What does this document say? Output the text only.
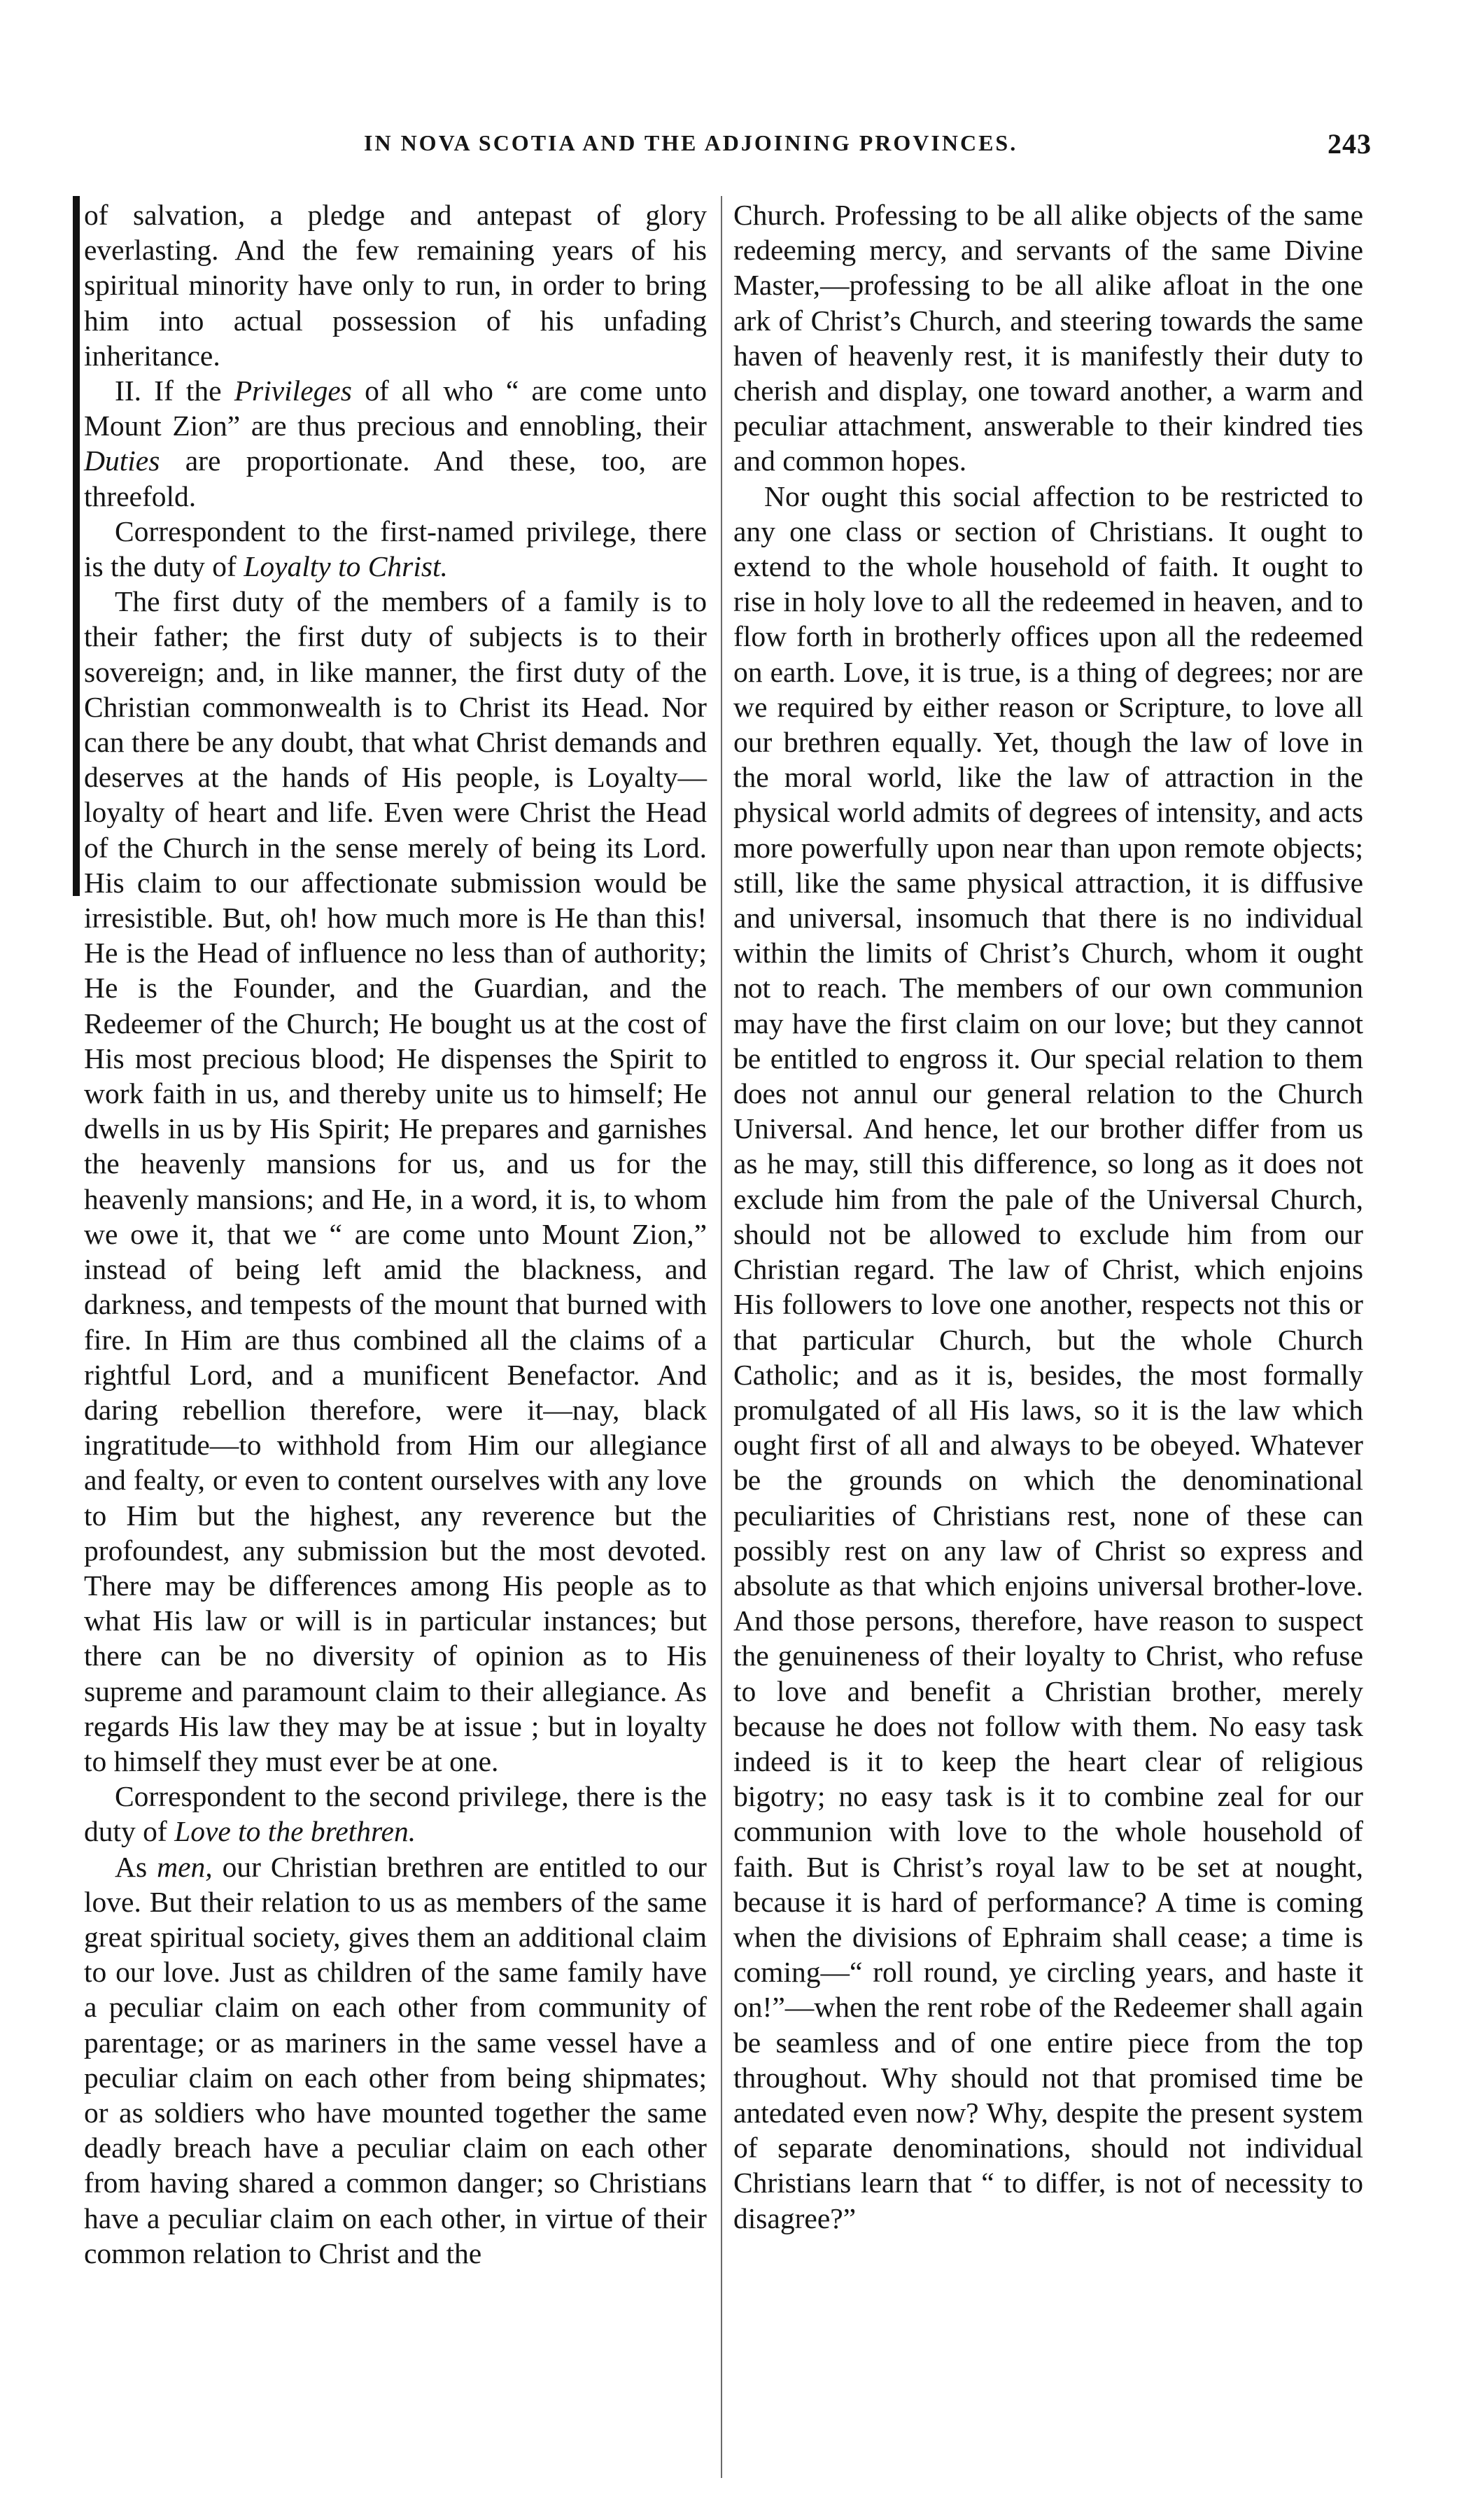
IN NOVA SCOTIA AND THE ADJOINING PROVINCES.	243

of salvation, a pledge and antepast of glory everlasting. And the few remaining years of his spiritual minority have only to run, in order to bring him into actual possession of his unfading inheritance.

II. If the Privileges of all who “ are come unto Mount Zion” are thus precious and ennobling, their Duties are proportionate. And these, too, are threefold.

Correspondent to the first-named privilege, there is the duty of Loyalty to Christ.

The first duty of the members of a family is to their father; the first duty of subjects is to their sovereign; and, in like manner, the first duty of the Christian commonwealth is to Christ its Head. Nor can there be any doubt, that what Christ demands and deserves at the hands of His people, is Loyalty—loyalty of heart and life. Even were Christ the Head of the Church in the sense merely of being its Lord. His claim to our affectionate submission would be irresistible. But, oh! how much more is He than this! He is the Head of influence no less than of authority; He is the Founder, and the Guardian, and the Redeemer of the Church; He bought us at the cost of His most precious blood; He dispenses the Spirit to work faith in us, and thereby unite us to himself; He dwells in us by His Spirit; He prepares and garnishes the heavenly mansions for us, and us for the heavenly mansions; and He, in a word, it is, to whom we owe it, that we “ are come unto Mount Zion,” instead of being left amid the blackness, and darkness, and tempests of the mount that burned with fire. In Him are thus combined all the claims of a rightful Lord, and a munificent Benefactor. And daring rebellion therefore, were it—nay, black ingratitude—to withhold from Him our allegiance and fealty, or even to content ourselves with any love to Him but the highest, any reverence but the profoundest, any submission but the most devoted. There may be differences among His people as to what His law or will is in particular instances; but there can be no diversity of opinion as to His supreme and paramount claim to their allegiance. As regards His law they may be at issue ; but in loyalty to himself they must ever be at one.

Correspondent to the second privilege, there is the duty of Love to the brethren.

As men, our Christian brethren are entitled to our love. But their relation to us as members of the same great spiritual society, gives them an additional claim to our love. Just as children of the same family have a peculiar claim on each other from community of parentage; or as mariners in the same vessel have a peculiar claim on each other from being shipmates; or as soldiers who have mounted together the same deadly breach have a peculiar claim on each other from having shared a common danger; so Christians have a peculiar claim on each other, in virtue of their common relation to Christ and the

Church. Professing to be all alike objects of the same redeeming mercy, and servants of the same Divine Master,—professing to be all alike afloat in the one ark of Christ’s Church, and steering towards the same haven of heavenly rest, it is manifestly their duty to cherish and display, one toward another, a warm and peculiar attachment, answerable to their kindred ties and common hopes.

Nor ought this social affection to be restricted to any one class or section of Christians. It ought to extend to the whole household of faith. It ought to rise in holy love to all the redeemed in heaven, and to flow forth in brotherly offices upon all the redeemed on earth. Love, it is true, is a thing of degrees; nor are we required by either reason or Scripture, to love all our brethren equally. Yet, though the law of love in the moral world, like the law of attraction in the physical world admits of degrees of intensity, and acts more powerfully upon near than upon remote objects; still, like the same physical attraction, it is diffusive and universal, insomuch that there is no individual within the limits of Christ’s Church, whom it ought not to reach. The members of our own communion may have the first claim on our love; but they cannot be entitled to engross it. Our special relation to them does not annul our general relation to the Church Universal. And hence, let our brother differ from us as he may, still this difference, so long as it does not exclude him from the pale of the Universal Church, should not be allowed to exclude him from our Christian regard. The law of Christ, which enjoins His followers to love one another, respects not this or that particular Church, but the whole Church Catholic; and as it is, besides, the most formally promulgated of all His laws, so it is the law which ought first of all and always to be obeyed. Whatever be the grounds on which the denominational peculiarities of Christians rest, none of these can possibly rest on any law of Christ so express and absolute as that which enjoins universal brother-love. And those persons, therefore, have reason to suspect the genuineness of their loyalty to Christ, who refuse to love and benefit a Christian brother, merely because he does not follow with them. No easy task indeed is it to keep the heart clear of religious bigotry; no easy task is it to combine zeal for our communion with love to the whole household of faith. But is Christ’s royal law to be set at nought, because it is hard of performance? A time is coming when the divisions of Ephraim shall cease; a time is coming—“ roll round, ye circling years, and haste it on!”—when the rent robe of the Redeemer shall again be seamless and of one entire piece from the top throughout. Why should not that promised time be antedated even now? Why, despite the present system of separate denominations, should not individual Christians learn that “ to differ, is not of necessity to disagree?”
